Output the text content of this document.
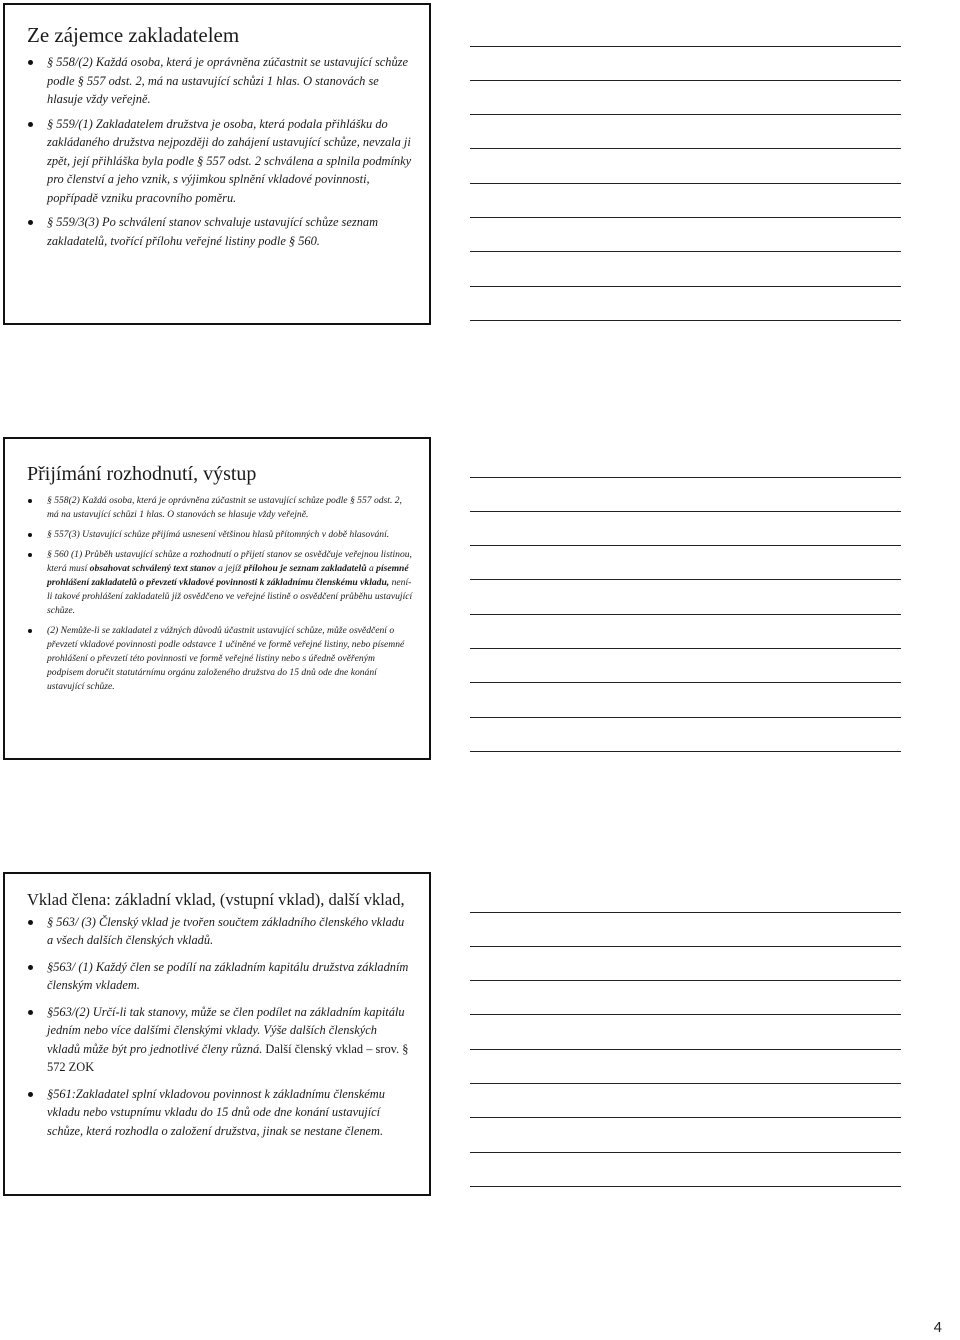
Ze zájemce zakladatelem
§ 558/(2) Každá osoba, která je oprávněna zúčastnit se ustavující schůze podle § 557 odst. 2, má na ustavující schůzi 1 hlas. O stanovách se hlasuje vždy veřejně.
§ 559/(1) Zakladatelem družstva je osoba, která podala přihlášku do zakládaného družstva nejpozději do zahájení ustavující schůze, nevzala ji zpět, její přihláška byla podle § 557 odst. 2 schválena a splnila podmínky pro členství a jeho vznik, s výjimkou splnění vkladové povinnosti, popřípadě vzniku pracovního poměru.
§ 559/3(3) Po schválení stanov schvaluje ustavující schůze seznam zakladatelů, tvořící přílohu veřejné listiny podle § 560.
Přijímání rozhodnutí, výstup
§ 558(2) Každá osoba, která je oprávněna zúčastnit se ustavující schůze podle § 557 odst. 2, má na ustavující schůzi 1 hlas. O stanovách se hlasuje vždy veřejně.
§ 557(3) Ustavující schůze přijímá usnesení většinou hlasů přítomných v době hlasování.
§ 560 (1) Průběh ustavující schůze a rozhodnutí o přijetí stanov se osvědčuje veřejnou listinou, která musí obsahovat schválený text stanov a jejíž přílohou je seznam zakladatelů a písemné prohlášení zakladatelů o převzetí vkladové povinnosti k základnímu členskému vkladu, není-li takové prohlášení zakladatelů již osvědčeno ve veřejné listině o osvědčení průběhu ustavující schůze.
(2) Nemůže-li se zakladatel z vážných důvodů účastnit ustavující schůze, může osvědčení o převzetí vkladové povinnosti podle odstavce 1 učiněné ve formě veřejné listiny, nebo písemné prohlášení o převzetí této povinnosti ve formě veřejné listiny nebo s úředně ověřeným podpisem doručit statutárnímu orgánu založeného družstva do 15 dnů ode dne konání ustavující schůze.
Vklad člena: základní vklad, (vstupní vklad), další vklad,
§ 563/ (3) Členský vklad je tvořen součtem základního členského vkladu a všech dalších členských vkladů.
§563/ (1) Každý člen se podílí na základním kapitálu družstva základním členským vkladem.
§563/(2) Určí-li tak stanovy, může se člen podílet na základním kapitálu jedním nebo více dalšími členskými vklady. Výše dalších členských vkladů může být pro jednotlivé členy různá. Další členský vklad – srov. § 572 ZOK
§561:Zakladatel splní vkladovou povinnost k základnímu členskému vkladu nebo vstupnímu vkladu do 15 dnů ode dne konání ustavující schůze, která rozhodla o založení družstva, jinak se nestane členem.
4
